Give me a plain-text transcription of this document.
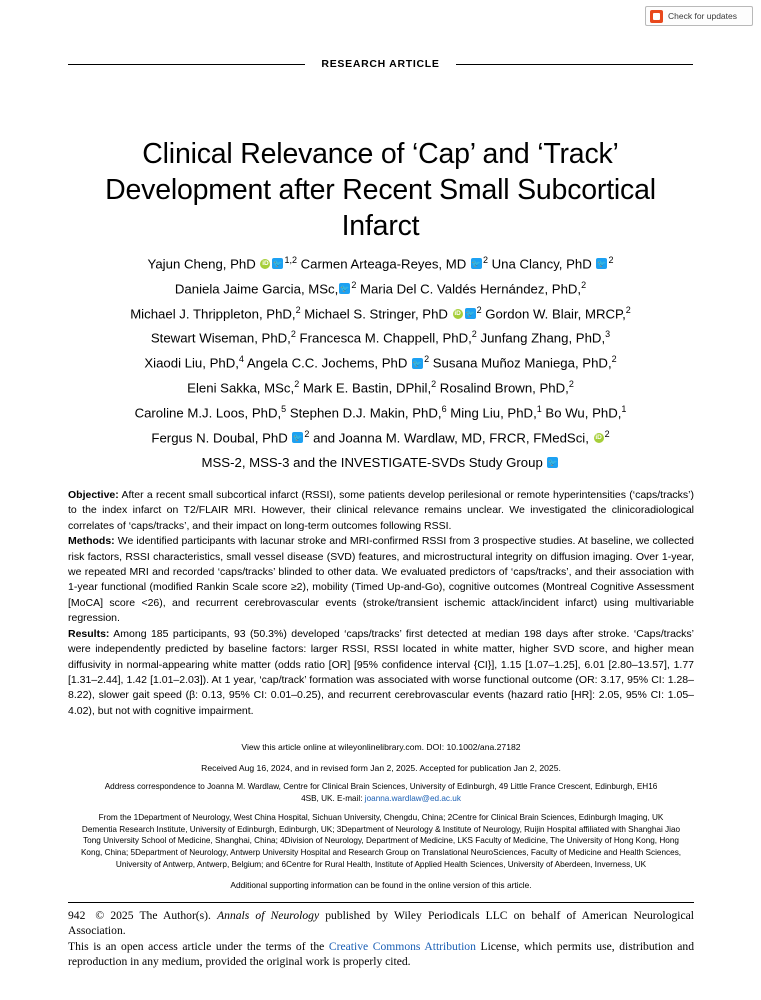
Check for updates
RESEARCH ARTICLE
Clinical Relevance of ‘Cap’ and ‘Track’ Development after Recent Small Subcortical Infarct
Yajun Cheng, PhD iD 🐦	$^{1,2}$ Carmen Arteaga-Reyes, MD 🐦$^2$ Una Clancy, PhD 🐦$^2$
Daniela Jaime Garcia, MSc, 🐦 $^2$ Maria Del C. Valdés Hernández, PhD,$^2$
Michael J. Thrippleton, PhD,$^2$ Michael S. Stringer, PhD iD 🐦	$^2$ Gordon W. Blair, MRCP,$^2$
Stewart Wiseman, PhD,$^2$ Francesca M. Chappell, PhD,$^2$ Junfang Zhang, PhD,$^3$
Xiaodi Liu, PhD,$^4$ Angela C.C. Jochems, PhD 🐦$^2$ Susana Muñoz Maniega, PhD,$^2$
Eleni Sakka, MSc,$^2$ Mark E. Bastin, DPhil,$^2$ Rosalind Brown, PhD,$^2$
Caroline M.J. Loos, PhD,$^5$ Stephen D.J. Makin, PhD,$^6$ Ming Liu, PhD,$^1$ Bo Wu, PhD,$^1$
Fergus N. Doubal, PhD 🐦$^2$ and Joanna M. Wardlaw, MD, FRCR, FMedSci, $iD^2$
MSS-2, MSS-3 and the INVESTIGATE-SVDs Study Group 🐦

Objective: After a recent small subcortical infarct (RSSI), some patients develop perilesional or remote hyperintensities (‘caps/tracks’) to the index infarct on T2/FLAIR MRI. However, their clinical relevance remains unclear. We investigated the clinicoradiological correlates of ‘caps/tracks’, and their impact on long-term outcomes following RSSI.

Methods: We identified participants with lacunar stroke and MRI-confirmed RSSI from 3 prospective studies. At baseline, we collected risk factors, RSSI characteristics, small vessel disease (SVD) features, and microstructural integrity on diffusion imaging. Over 1-year, we repeated MRI and recorded ‘caps/tracks’ blinded to other data. We evaluated predictors of ‘caps/tracks’, and their association with 1-year functional (modified Rankin Scale score ≥2), mobility (Timed Up-and-Go), cognitive outcomes (Montreal Cognitive Assessment [MoCA] score <26), and recurrent cerebrovascular events (stroke/transient ischemic attack/incident infarct) using multivariable regression.

Results: Among 185 participants, 93 (50.3%) developed ‘caps/tracks’ first detected at median 198 days after stroke. ‘Caps/tracks’ were independently predicted by baseline factors: larger RSSI, RSSI located in white matter, higher SVD score, and higher mean diffusivity in normal-appearing white matter (odds ratio [OR] [95% confidence interval {CI}], 1.15 [1.07–1.25], 6.01 [2.80–13.57], 1.77 [1.31–2.44], 1.42 [1.01–2.03]). At 1 year, ‘cap/track’ formation was associated with worse functional outcome (OR: 3.17, 95% CI: 1.28–8.22), slower gait speed (β: 0.13, 95% CI: 0.01–0.25), and recurrent cerebrovascular events (hazard ratio [HR]: 2.05, 95% CI: 1.05–4.02), but not with cognitive impairment.

View this article online at wileyonlinelibrary.com. DOI: 10.1002/ana.27182
Received Aug 16, 2024, and in revised form Jan 2, 2025. Accepted for publication Jan 2, 2025.
Address correspondence to Joanna M. Wardlaw, Centre for Clinical Brain Sciences, University of Edinburgh, 49 Little France Crescent, Edinburgh, EH16
4SB, UK. E-mail: joanna.wardlaw@ed.ac.uk
From the 1Department of Neurology, West China Hospital, Sichuan University, Chengdu, China; 2Centre for Clinical Brain Sciences, Edinburgh Imaging, UK Dementia Research Institute, University of Edinburgh, Edinburgh, UK; 3Department of Neurology & Institute of Neurology, Ruijin Hospital affiliated with Shanghai Jiao Tong University School of Medicine, Shanghai, China; 4Division of Neurology, Department of Medicine, LKS Faculty of Medicine, The University of Hong Kong, Hong Kong, China; 5Department of Neurology, Antwerp University Hospital and Research Group on Translational NeuroSciences, Faculty of Medicine and Health Sciences, University of Antwerp, Antwerp, Belgium; and 6Centre for Rural Health, Institute of Applied Health Sciences, University of Aberdeen, Inverness, UK
Additional supporting information can be found in the online version of this article.
942 © 2025 The Author(s). Annals of Neurology published by Wiley Periodicals LLC on behalf of American Neurological Association.
This is an open access article under the terms of the Creative Commons Attribution License, which permits use, distribution and reproduction in any medium, provided the original work is properly cited.
